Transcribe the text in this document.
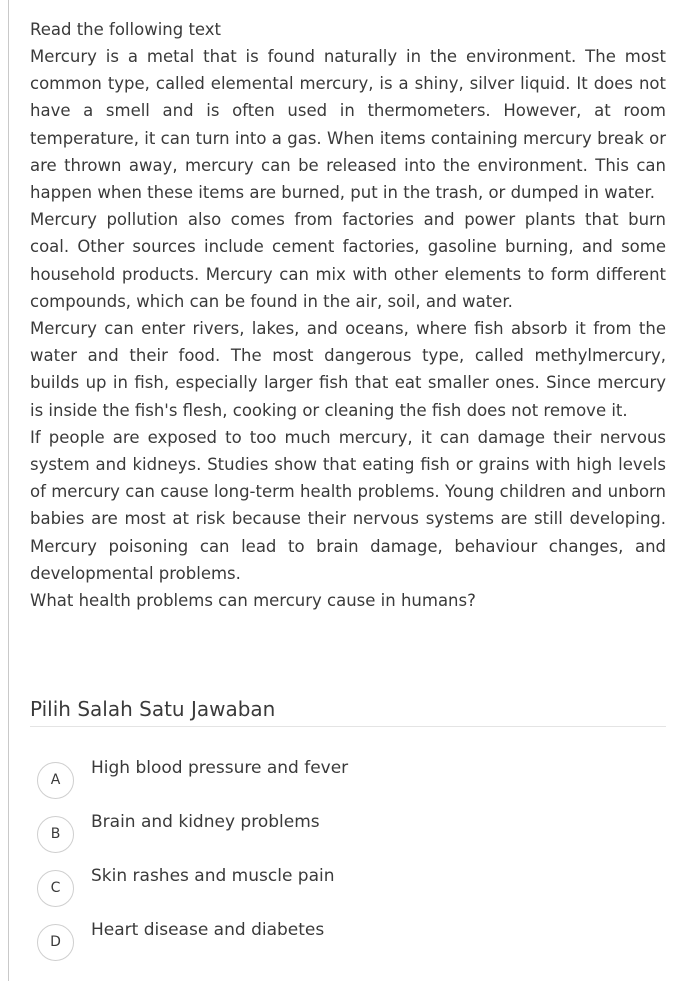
Read the following text

Mercury is a metal that is found naturally in the environment. The most common type, called elemental mercury, is a shiny, silver liquid. It does not have a smell and is often used in thermometers. However, at room temperature, it can turn into a gas. When items containing mercury break or are thrown away, mercury can be released into the environment. This can happen when these items are burned, put in the trash, or dumped in water.

Mercury pollution also comes from factories and power plants that burn coal. Other sources include cement factories, gasoline burning, and some household products. Mercury can mix with other elements to form different compounds, which can be found in the air, soil, and water.

Mercury can enter rivers, lakes, and oceans, where fish absorb it from the water and their food. The most dangerous type, called methylmercury, builds up in fish, especially larger fish that eat smaller ones. Since mercury is inside the fish's flesh, cooking or cleaning the fish does not remove it.

If people are exposed to too much mercury, it can damage their nervous system and kidneys. Studies show that eating fish or grains with high levels of mercury can cause long-term health problems. Young children and unborn babies are most at risk because their nervous systems are still developing. Mercury poisoning can lead to brain damage, behaviour changes, and developmental problems.

What health problems can mercury cause in humans?

Pilih Salah Satu Jawaban
A
High blood pressure and fever
B
Brain and kidney problems
C
Skin rashes and muscle pain
D
Heart disease and diabetes
